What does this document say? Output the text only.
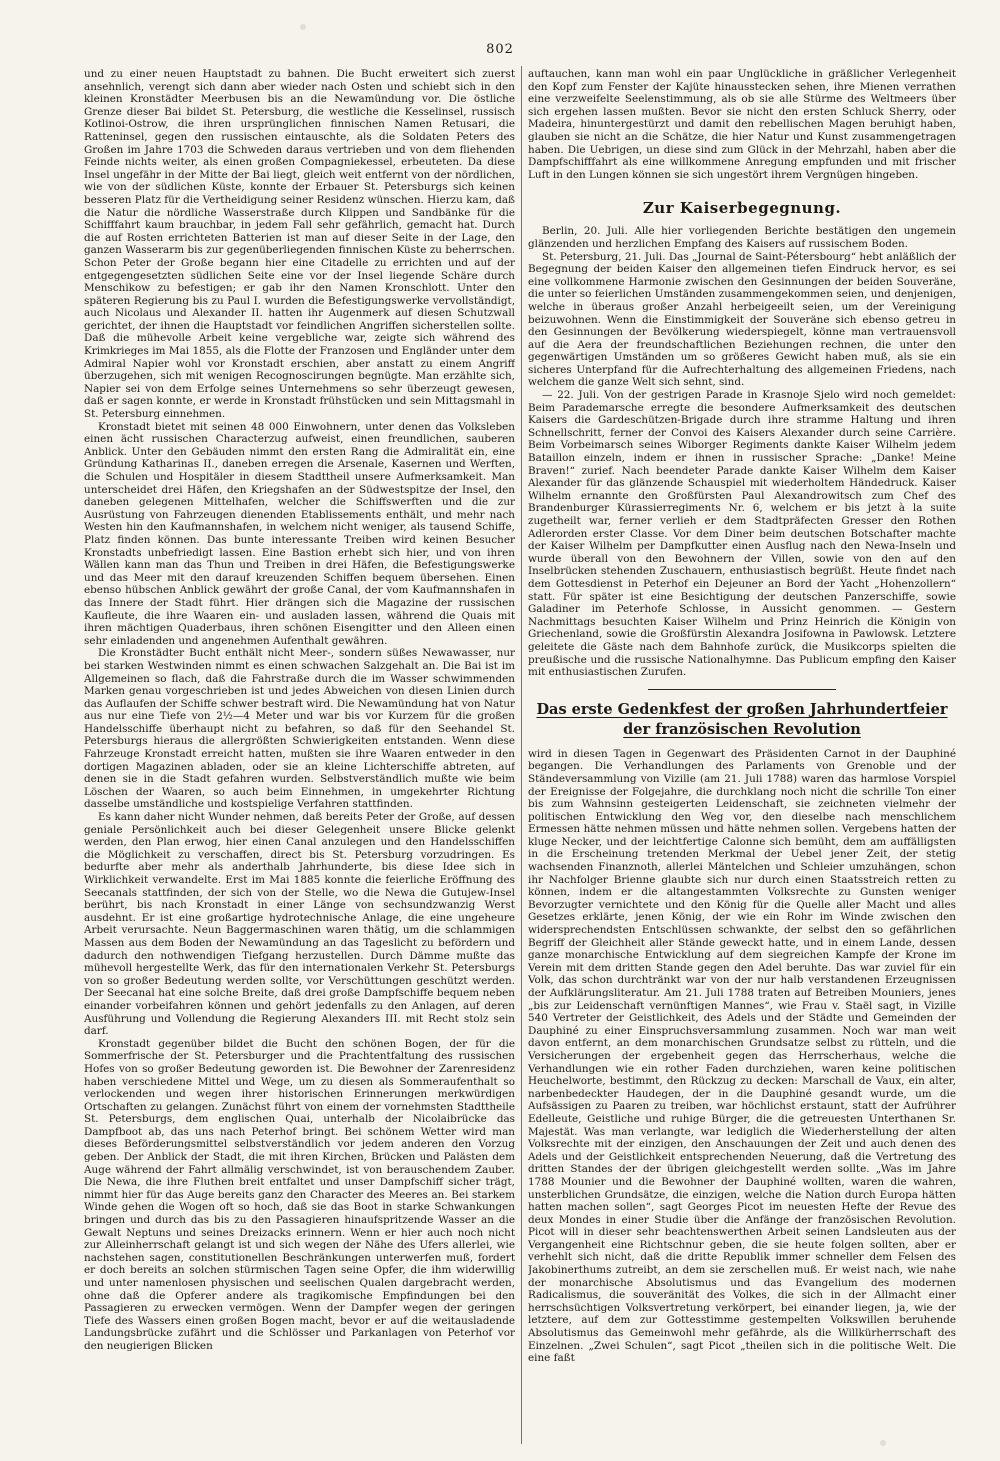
802

und zu einer neuen Hauptstadt zu bahnen. Die Bucht erweitert sich zuerst ansehnlich, verengt sich dann aber wieder nach Osten und schiebt sich in den kleinen Kronstädter Meerbusen bis an die Newamündung vor. Die östliche Grenze dieser Bai bildet St. Petersburg, die westliche die Kesselinsel, russisch Kotlinoi-Ostrow, die ihren ursprünglichen finnischen Namen Retusari, die Ratteninsel, gegen den russischen eintauschte, als die Soldaten Peters des Großen im Jahre 1703 die Schweden daraus vertrieben und von dem fliehenden Feinde nichts weiter, als einen großen Compagniekessel, erbeuteten. Da diese Insel ungefähr in der Mitte der Bai liegt, gleich weit entfernt von der nördlichen, wie von der südlichen Küste, konnte der Erbauer St. Petersburgs sich keinen besseren Platz für die Vertheidigung seiner Residenz wünschen. Hierzu kam, daß die Natur die nördliche Wasserstraße durch Klippen und Sandbänke für die Schifffahrt kaum brauchbar, in jedem Fall sehr gefährlich, gemacht hat. Durch die auf Rosten errichteten Batterien ist man auf dieser Seite in der Lage, den ganzen Wasserarm bis zur gegenüberliegenden finnischen Küste zu beherrschen. Schon Peter der Große begann hier eine Citadelle zu errichten und auf der entgegengesetzten südlichen Seite eine vor der Insel liegende Schäre durch Menschikow zu befestigen; er gab ihr den Namen Kronschlott. Unter den späteren Regierung bis zu Paul I. wurden die Befestigungswerke vervollständigt, auch Nicolaus und Alexander II. hatten ihr Augenmerk auf diesen Schutzwall gerichtet, der ihnen die Hauptstadt vor feindlichen Angriffen sicherstellen sollte. Daß die mühevolle Arbeit keine vergebliche war, zeigte sich während des Krimkrieges im Mai 1855, als die Flotte der Franzosen und Engländer unter dem Admiral Napier wohl vor Kronstadt erschien, aber anstatt zu einem Angriff überzugehen, sich mit wenigen Recognoscirungen begnügte. Man erzählte sich, Napier sei von dem Erfolge seines Unternehmens so sehr überzeugt gewesen, daß er sagen konnte, er werde in Kronstadt frühstücken und sein Mittagsmahl in St. Petersburg einnehmen.

Kronstadt bietet mit seinen 48 000 Einwohnern, unter denen das Volksleben einen ächt russischen Characterzug aufweist, einen freundlichen, sauberen Anblick. Unter den Gebäuden nimmt den ersten Rang die Admiralität ein, eine Gründung Katharinas II., daneben erregen die Arsenale, Kasernen und Werften, die Schulen und Hospitäler in diesem Stadttheil unsere Aufmerksamkeit. Man unterscheidet drei Häfen, den Kriegshafen an der Südwestspitze der Insel, den daneben gelegenen Mittelhafen, welcher die Schiffswerften und die zur Ausrüstung von Fahrzeugen dienenden Etablissements enthält, und mehr nach Westen hin den Kaufmannshafen, in welchem nicht weniger, als tausend Schiffe, Platz finden können. Das bunte interessante Treiben wird keinen Besucher Kronstadts unbefriedigt lassen. Eine Bastion erhebt sich hier, und von ihren Wällen kann man das Thun und Treiben in drei Häfen, die Befestigungswerke und das Meer mit den darauf kreuzenden Schiffen bequem übersehen. Einen ebenso hübschen Anblick gewährt der große Canal, der vom Kaufmannshafen in das Innere der Stadt führt. Hier drängen sich die Magazine der russischen Kaufleute, die ihre Waaren ein- und ausladen lassen, während die Quais mit ihren mächtigen Quaderbaus, ihren schönen Eisengitter und den Alleen einen sehr einladenden und angenehmen Aufenthalt gewähren.

Die Kronstädter Bucht enthält nicht Meer-, sondern süßes Newawasser, nur bei starken Westwinden nimmt es einen schwachen Salzgehalt an. Die Bai ist im Allgemeinen so flach, daß die Fahrstraße durch die im Wasser schwimmenden Marken genau vorgeschrieben ist und jedes Abweichen von diesen Linien durch das Auflaufen der Schiffe schwer bestraft wird. Die Newamündung hat von Natur aus nur eine Tiefe von 2½—4 Meter und war bis vor Kurzem für die großen Handelsschiffe überhaupt nicht zu befahren, so daß für den Seehandel St. Petersburgs hieraus die allergrößten Schwierigkeiten entstanden. Wenn diese Fahrzeuge Kronstadt erreicht hatten, mußten sie ihre Waaren entweder in den dortigen Magazinen abladen, oder sie an kleine Lichterschiffe abtreten, auf denen sie in die Stadt gefahren wurden. Selbstverständlich mußte wie beim Löschen der Waaren, so auch beim Einnehmen, in umgekehrter Richtung dasselbe umständliche und kostspielige Verfahren stattfinden.

Es kann daher nicht Wunder nehmen, daß bereits Peter der Große, auf dessen geniale Persönlichkeit auch bei dieser Gelegenheit unsere Blicke gelenkt werden, den Plan erwog, hier einen Canal anzulegen und den Handelsschiffen die Möglichkeit zu verschaffen, direct bis St. Petersburg vorzudringen. Es bedurfte aber mehr als anderthalb Jahrhunderte, bis diese Idee sich in Wirklichkeit verwandelte. Erst im Mai 1885 konnte die feierliche Eröffnung des Seecanals stattfinden, der sich von der Stelle, wo die Newa die Gutujew-Insel berührt, bis nach Kronstadt in einer Länge von sechsundzwanzig Werst ausdehnt. Er ist eine großartige hydrotechnische Anlage, die eine ungeheure Arbeit verursachte. Neun Baggermaschinen waren thätig, um die schlammigen Massen aus dem Boden der Newamündung an das Tageslicht zu befördern und dadurch den nothwendigen Tiefgang herzustellen. Durch Dämme mußte das mühevoll hergestellte Werk, das für den internationalen Verkehr St. Petersburgs von so großer Bedeutung werden sollte, vor Verschüttungen geschützt werden. Der Seecanal hat eine solche Breite, daß drei große Dampfschiffe bequem neben einander vorbeifahren können und gehört jedenfalls zu den Anlagen, auf deren Ausführung und Vollendung die Regierung Alexanders III. mit Recht stolz sein darf.

Kronstadt gegenüber bildet die Bucht den schönen Bogen, der für die Sommerfrische der St. Petersburger und die Prachtentfaltung des russischen Hofes von so großer Bedeutung geworden ist. Die Bewohner der Zarenresidenz haben verschiedene Mittel und Wege, um zu diesen als Sommeraufenthalt so verlockenden und wegen ihrer historischen Erinnerungen merkwürdigen Ortschaften zu gelangen. Zunächst führt von einem der vornehmsten Stadttheile St. Petersburgs, dem englischen Quai, unterhalb der Nicolaibrücke das Dampfboot ab, das uns nach Peterhof bringt. Bei schönem Wetter wird man dieses Beförderungsmittel selbstverständlich vor jedem anderen den Vorzug geben. Der Anblick der Stadt, die mit ihren Kirchen, Brücken und Palästen dem Auge während der Fahrt allmälig verschwindet, ist von berauschendem Zauber. Die Newa, die ihre Fluthen breit entfaltet und unser Dampfschiff sicher trägt, nimmt hier für das Auge bereits ganz den Character des Meeres an. Bei starkem Winde gehen die Wogen oft so hoch, daß sie das Boot in starke Schwankungen bringen und durch das bis zu den Passagieren hinaufspritzende Wasser an die Gewalt Neptuns und seines Dreizacks erinnern. Wenn er hier auch noch nicht zur Alleinherrschaft gelangt ist und sich wegen der Nähe des Ufers allerlei, wie nachstehen sagen, constitutionellen Beschränkungen unterwerfen muß, fordert er doch bereits an solchen stürmischen Tagen seine Opfer, die ihm widerwillig und unter namenlosen physischen und seelischen Qualen dargebracht werden, ohne daß die Opferer andere als tragikomische Empfindungen bei den Passagieren zu erwecken vermögen. Wenn der Dampfer wegen der geringen Tiefe des Wassers einen großen Bogen macht, bevor er auf die weitausladende Landungsbrücke zufährt und die Schlösser und Parkanlagen von Peterhof vor den neugierigen Blicken

auftauchen, kann man wohl ein paar Unglückliche in gräßlicher Verlegenheit den Kopf zum Fenster der Kajüte hinausstecken sehen, ihre Mienen verrathen eine verzweifelte Seelenstimmung, als ob sie alle Stürme des Weltmeers über sich ergehen lassen mußten. Bevor sie nicht den ersten Schluck Sherry, oder Madeira, hinuntergestürzt und damit den rebellischen Magen beruhigt haben, glauben sie nicht an die Schätze, die hier Natur und Kunst zusammengetragen haben. Die Uebrigen, un diese sind zum Glück in der Mehrzahl, haben aber die Dampfschifffahrt als eine willkommene Anregung empfunden und mit frischer Luft in den Lungen können sie sich ungestört ihrem Vergnügen hingeben.

Zur Kaiserbegegnung.

Berlin, 20. Juli. Alle hier vorliegenden Berichte bestätigen den ungemein glänzenden und herzlichen Empfang des Kaisers auf russischem Boden.

St. Petersburg, 21. Juli. Das „Journal de Saint-Pétersbourg“ hebt anläßlich der Begegnung der beiden Kaiser den allgemeinen tiefen Eindruck hervor, es sei eine vollkommene Harmonie zwischen den Gesinnungen der beiden Souveräne, die unter so feierlichen Umständen zusammengekommen seien, und denjenigen, welche in überaus großer Anzahl herbeigeeilt seien, um der Vereinigung beizuwohnen. Wenn die Einstimmigkeit der Souveräne sich ebenso getreu in den Gesinnungen der Bevölkerung wiederspiegelt, könne man vertrauensvoll auf die Aera der freundschaftlichen Beziehungen rechnen, die unter den gegenwärtigen Umständen um so größeres Gewicht haben muß, als sie ein sicheres Unterpfand für die Aufrechterhaltung des allgemeinen Friedens, nach welchem die ganze Welt sich sehnt, sind.

— 22. Juli. Von der gestrigen Parade in Krasnoje Sjelo wird noch gemeldet: Beim Parademarsche erregte die besondere Aufmerksamkeit des deutschen Kaisers die Gardeschützen-Brigade durch ihre stramme Haltung und ihren Schnellschritt, ferner der Convoi des Kaisers Alexander durch seine Carrière. Beim Vorbeimarsch seines Wiborger Regiments dankte Kaiser Wilhelm jedem Bataillon einzeln, indem er ihnen in russischer Sprache: „Danke! Meine Braven!“ zurief. Nach beendeter Parade dankte Kaiser Wilhelm dem Kaiser Alexander für das glänzende Schauspiel mit wiederholtem Händedruck. Kaiser Wilhelm ernannte den Großfürsten Paul Alexandrowitsch zum Chef des Brandenburger Kürassierregiments Nr. 6, welchem er bis jetzt à la suite zugetheilt war, ferner verlieh er dem Stadtpräfecten Gresser den Rothen Adlerorden erster Classe. Vor dem Diner beim deutschen Botschafter machte der Kaiser Wilhelm per Dampfkutter einen Ausflug nach den Newa-Inseln und wurde überall von den Bewohnern der Villen, sowie von den auf den Inselbrücken stehenden Zuschauern, enthusiastisch begrüßt. Heute findet nach dem Gottesdienst in Peterhof ein Dejeuner an Bord der Yacht „Hohenzollern“ statt. Für später ist eine Besichtigung der deutschen Panzerschiffe, sowie Galadiner im Peterhofe Schlosse, in Aussicht genommen. — Gestern Nachmittags besuchten Kaiser Wilhelm und Prinz Heinrich die Königin von Griechenland, sowie die Großfürstin Alexandra Josifowna in Pawlowsk. Letztere geleitete die Gäste nach dem Bahnhofe zurück, die Musikcorps spielten die preußische und die russische Nationalhymne. Das Publicum empfing den Kaiser mit enthusiastischen Zurufen.

Das erste Gedenkfest der großen Jahrhundertfeier
der französischen Revolution

wird in diesen Tagen in Gegenwart des Präsidenten Carnot in der Dauphiné begangen. Die Verhandlungen des Parlaments von Grenoble und der Ständeversammlung von Vizille (am 21. Juli 1788) waren das harmlose Vorspiel der Ereignisse der Folgejahre, die durchklang noch nicht die schrille Ton einer bis zum Wahnsinn gesteigerten Leidenschaft, sie zeichneten vielmehr der politischen Entwicklung den Weg vor, den dieselbe nach menschlichem Ermessen hätte nehmen müssen und hätte nehmen sollen. Vergebens hatten der kluge Necker, und der leichtfertige Calonne sich bemüht, dem am auffälligsten in die Erscheinung tretenden Merkmal der Uebel jener Zeit, der stetig wachsenden Finanznoth, allerlei Mäntelchen und Schleier umzuhängen, schon ihr Nachfolger Brienne glaubte sich nur durch einen Staatsstreich retten zu können, indem er die altangestammten Volksrechte zu Gunsten weniger Bevorzugter vernichtete und den König für die Quelle aller Macht und alles Gesetzes erklärte, jenen König, der wie ein Rohr im Winde zwischen den widersprechendsten Entschlüssen schwankte, der selbst den so gefährlichen Begriff der Gleichheit aller Stände geweckt hatte, und in einem Lande, dessen ganze monarchische Entwicklung auf dem siegreichen Kampfe der Krone im Verein mit dem dritten Stande gegen den Adel beruhte. Das war zuviel für ein Volk, das schon durchtränkt war von der nur halb verstandenen Erzeugnissen der Aufklärungsliteratur. Am 21. Juli 1788 traten auf Betreiben Mouniers, jenes „bis zur Leidenschaft vernünftigen Mannes“, wie Frau v. Staël sagt, in Vizille 540 Vertreter der Geistlichkeit, des Adels und der Städte und Gemeinden der Dauphiné zu einer Einspruchsversammlung zusammen. Noch war man weit davon entfernt, an dem monarchischen Grundsatze selbst zu rütteln, und die Versicherungen der ergebenheit gegen das Herrscherhaus, welche die Verhandlungen wie ein rother Faden durchziehen, waren keine politischen Heuchelworte, bestimmt, den Rückzug zu decken: Marschall de Vaux, ein alter, narbenbedeckter Haudegen, der in die Dauphiné gesandt wurde, um die Aufsässigen zu Paaren zu treiben, war höchlichst erstaunt, statt der Aufrührer Edelleute, Geistliche und ruhige Bürger, die die getreuesten Unterthanen Sr. Majestät. Was man verlangte, war lediglich die Wiederherstellung der alten Volksrechte mit der einzigen, den Anschauungen der Zeit und auch denen des Adels und der Geistlichkeit entsprechenden Neuerung, daß die Vertretung des dritten Standes der der übrigen gleichgestellt werden sollte. „Was im Jahre 1788 Mounier und die Bewohner der Dauphiné wollten, waren die wahren, unsterblichen Grundsätze, die einzigen, welche die Nation durch Europa hätten hatten machen sollen“, sagt Georges Picot im neuesten Hefte der Revue des deux Mondes in einer Studie über die Anfänge der französischen Revolution. Picot will in dieser sehr beachtenswerthen Arbeit seinen Landsleuten aus der Vergangenheit eine Richtschnur geben, die sie heute folgen sollten, aber er verhehlt sich nicht, daß die dritte Republik immer schneller dem Felsen des Jakobinerthums zutreibt, an dem sie zerschellen muß. Er weist nach, wie nahe der monarchische Absolutismus und das Evangelium des modernen Radicalismus, die souveränität des Volkes, die sich in der Allmacht einer herrschsüchtigen Volksvertretung verkörpert, bei einander liegen, ja, wie der letztere, auf dem zur Gottesstimme gestempelten Volkswillen beruhende Absolutismus das Gemeinwohl mehr gefährde, als die Willkürherrschaft des Einzelnen. „Zwei Schulen“, sagt Picot „theilen sich in die politische Welt. Die eine faßt
